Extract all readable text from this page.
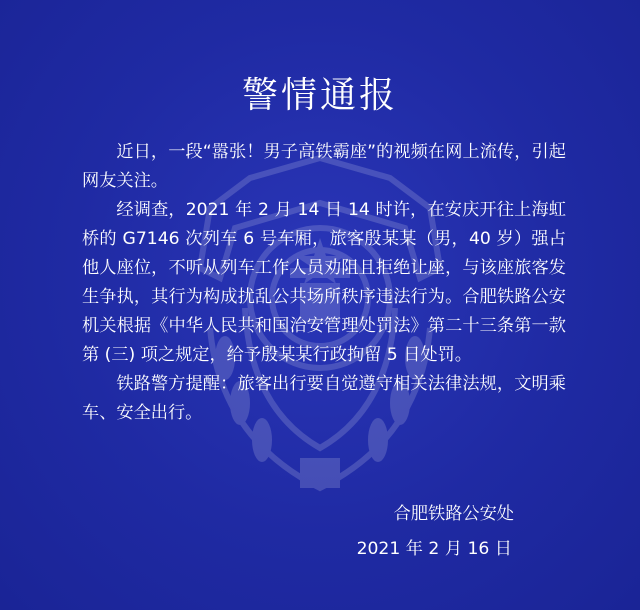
警情通报

近日，一段“嚣张！男子高铁霸座”的视频在网上流传，引起网友关注。

经调查，2021 年 2 月 14 日 14 时许，在安庆开往上海虹桥的 G7146 次列车 6 号车厢，旅客殷某某（男，40 岁）强占他人座位，不听从列车工作人员劝阻且拒绝让座，与该座旅客发生争执，其行为构成扰乱公共场所秩序违法行为。合肥铁路公安机关根据《中华人民共和国治安管理处罚法》第二十三条第一款第 (三) 项之规定，给予殷某某行政拘留 5 日处罚。

铁路警方提醒：旅客出行要自觉遵守相关法律法规，文明乘车、安全出行。

合肥铁路公安处
2021 年 2 月 16 日
